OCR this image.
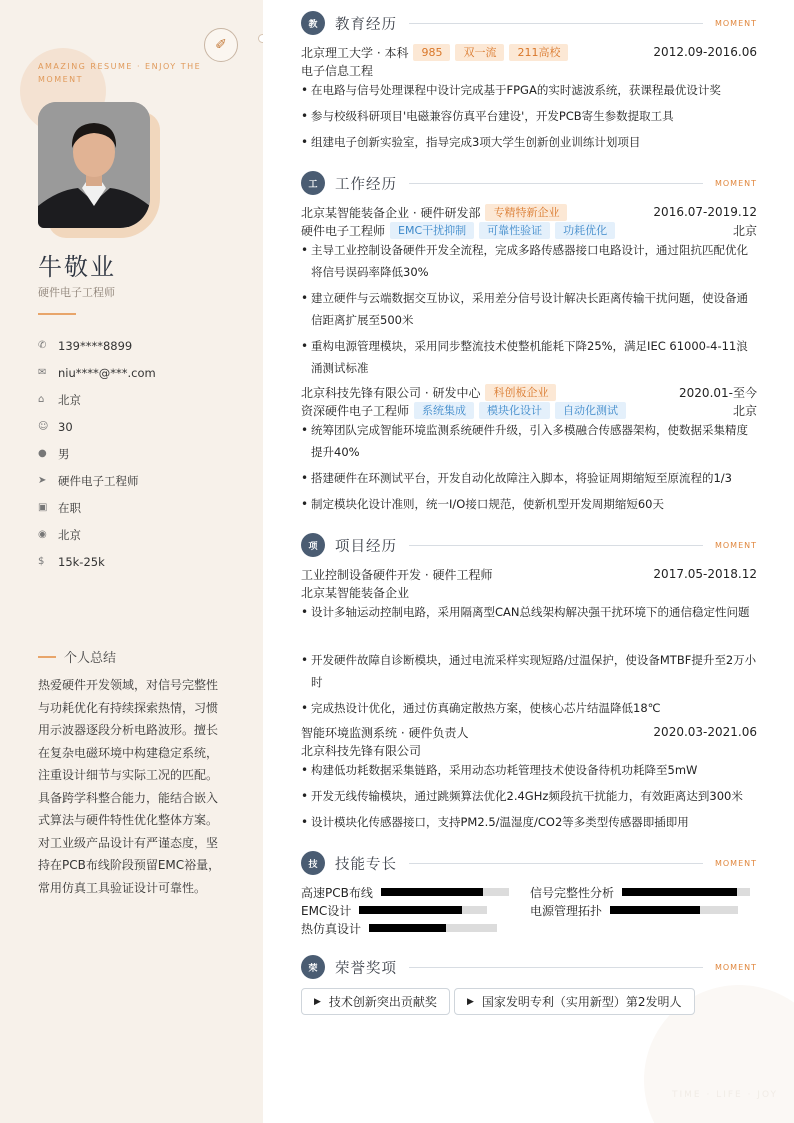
AMAZING RESUME · ENJOY THE MOMENT
✐
牛敬业
硬件电子工程师
✆	139****8899
✉	niu****@***.com
⌂	北京
☺ 30
● 男
➤	硬件电子工程师
▣ 在职
◉ 北京
$	15k-25k
个人总结
热爱硬件开发领域，对信号完整性与功耗优化有持续探索热情，习惯用示波器逐段分析电路波形。擅长在复杂电磁环境中构建稳定系统，注重设计细节与实际工况的匹配。具备跨学科整合能力，能结合嵌入式算法与硬件特性优化整体方案。对工业级产品设计有严谨态度，坚持在PCB布线阶段预留EMC裕量，常用仿真工具验证设计可靠性。
TIME · LIFE · JOY
教	教育经历	MOMENT
北京理工大学 · 本科	985	双一流	211高校	2012.09-2016.06
电子信息工程
• 在电路与信号处理课程中设计完成基于FPGA的实时滤波系统，获课程最优设计奖
• 参与校级科研项目'电磁兼容仿真平台建设'，开发PCB寄生参数提取工具
• 组建电子创新实验室，指导完成3项大学生创新创业训练计划项目
工	工作经历	MOMENT
北京某智能装备企业 · 硬件研发部	专精特新企业	2016.07-2019.12
硬件电子工程师	EMC干扰抑制	可靠性验证	功耗优化	北京
• 主导工业控制设备硬件开发全流程，完成多路传感器接口电路设计，通过阻抗匹配优化将信号误码率降低30%
• 建立硬件与云端数据交互协议，采用差分信号设计解决长距离传输干扰问题，使设备通信距离扩展至500米
• 重构电源管理模块，采用同步整流技术使整机能耗下降25%，满足IEC 61000-4-11浪涌测试标准
北京科技先锋有限公司 · 研发中心	科创板企业	2020.01-至今
资深硬件电子工程师	系统集成	模块化设计	自动化测试	北京
• 统筹团队完成智能环境监测系统硬件升级，引入多模融合传感器架构，使数据采集精度提升40%
• 搭建硬件在环测试平台，开发自动化故障注入脚本，将验证周期缩短至原流程的1/3
• 制定模块化设计准则，统一I/O接口规范，使新机型开发周期缩短60天
项	项目经历	MOMENT
工业控制设备硬件开发 · 硬件工程师	2017.05-2018.12
北京某智能装备企业
• 设计多轴运动控制电路，采用隔离型CAN总线架构解决强干扰环境下的通信稳定性问题
• 开发硬件故障自诊断模块，通过电流采样实现短路/过温保护，使设备MTBF提升至2万小时
• 完成热设计优化，通过仿真确定散热方案，使核心芯片结温降低18℃
智能环境监测系统 · 硬件负责人	2020.03-2021.06
北京科技先锋有限公司
• 构建低功耗数据采集链路，采用动态功耗管理技术使设备待机功耗降至5mW
• 开发无线传输模块，通过跳频算法优化2.4GHz频段抗干扰能力，有效距离达到300米
• 设计模块化传感器接口，支持PM2.5/温湿度/CO2等多类型传感器即插即用
技	技能专长	MOMENT
高速PCB布线	信号完整性分析
EMC设计	电源管理拓扑
热仿真设计
荣	荣誉奖项	MOMENT
▶ 技术创新突出贡献奖	▶ 国家发明专利（实用新型）第2发明人
